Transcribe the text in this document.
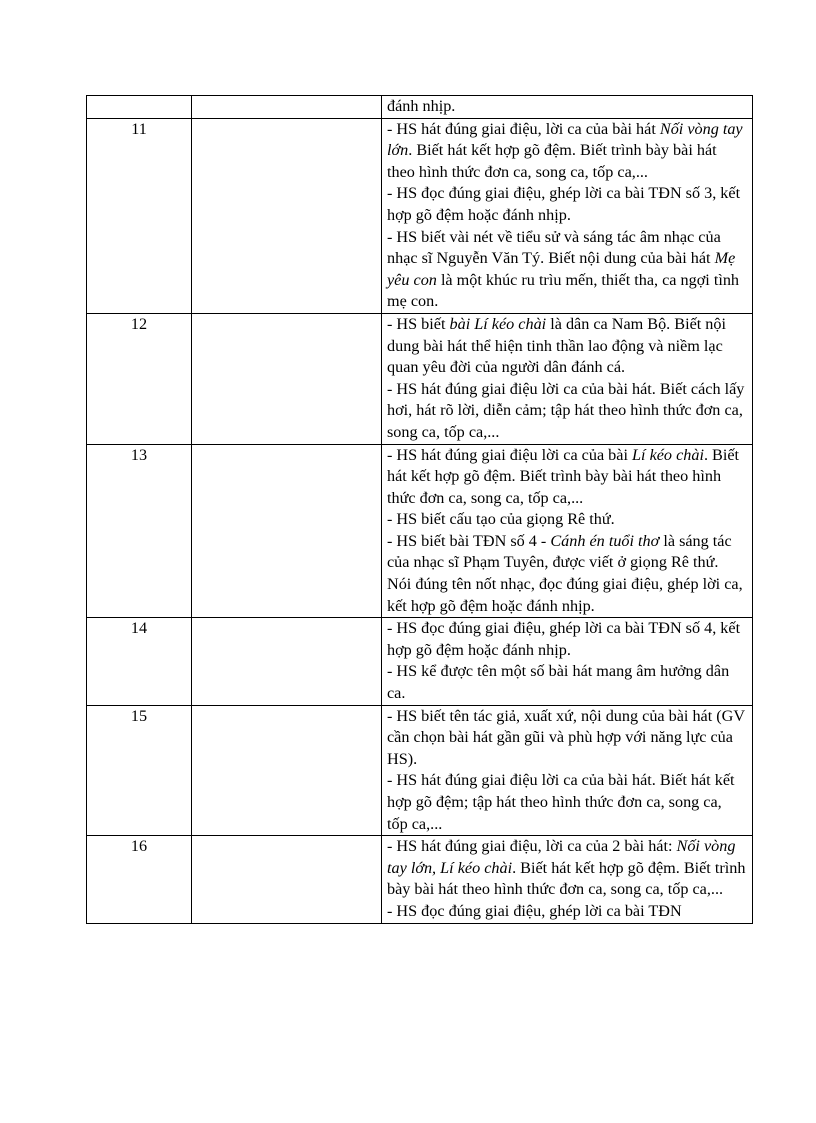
		đánh nhịp.

11		- HS hát đúng giai điệu, lời ca của bài hát Nối vòng tay lớn. Biết hát kết hợp gõ đệm. Biết trình bày bài hát theo hình thức đơn ca, song ca, tốp ca,...

- HS đọc đúng giai điệu, ghép lời ca bài TĐN số 3, kết hợp gõ đệm hoặc đánh nhịp.

- HS biết vài nét về tiểu sử và sáng tác âm nhạc của nhạc sĩ Nguyễn Văn Tý. Biết nội dung của bài hát Mẹ yêu con là một khúc ru trìu mến, thiết tha, ca ngợi tình mẹ con.

12		- HS biết bài Lí kéo chài là dân ca Nam Bộ. Biết nội dung bài hát thể hiện tinh thần lao động và niềm lạc quan yêu đời của người dân đánh cá.

- HS hát đúng giai điệu lời ca của bài hát. Biết cách lấy hơi, hát rõ lời, diễn cảm; tập hát theo hình thức đơn ca, song ca, tốp ca,...

13		- HS hát đúng giai điệu lời ca của bài Lí kéo chài. Biết hát kết hợp gõ đệm. Biết trình bày bài hát theo hình thức đơn ca, song ca, tốp ca,...

- HS biết cấu tạo của giọng Rê thứ.

- HS biết bài TĐN số 4 - Cánh én tuổi thơ là sáng tác của nhạc sĩ Phạm Tuyên, được viết ở giọng Rê thứ. Nói đúng tên nốt nhạc, đọc đúng giai điệu, ghép lời ca, kết hợp gõ đệm hoặc đánh nhịp.

14		- HS đọc đúng giai điệu, ghép lời ca bài TĐN số 4, kết hợp gõ đệm hoặc đánh nhịp.

- HS kể được tên một số bài hát mang âm hưởng dân ca.

15		- HS biết tên tác giả, xuất xứ, nội dung của bài hát (GV cần chọn bài hát gần gũi và phù hợp với năng lực của HS).

- HS hát đúng giai điệu lời ca của bài hát. Biết hát kết hợp gõ đệm; tập hát theo hình thức đơn ca, song ca, tốp ca,...

16		- HS hát đúng giai điệu, lời ca của 2 bài hát: Nối vòng tay lớn, Lí kéo chài. Biết hát kết hợp gõ đệm. Biết trình bày bài hát theo hình thức đơn ca, song ca, tốp ca,...

- HS đọc đúng giai điệu, ghép lời ca bài TĐN
